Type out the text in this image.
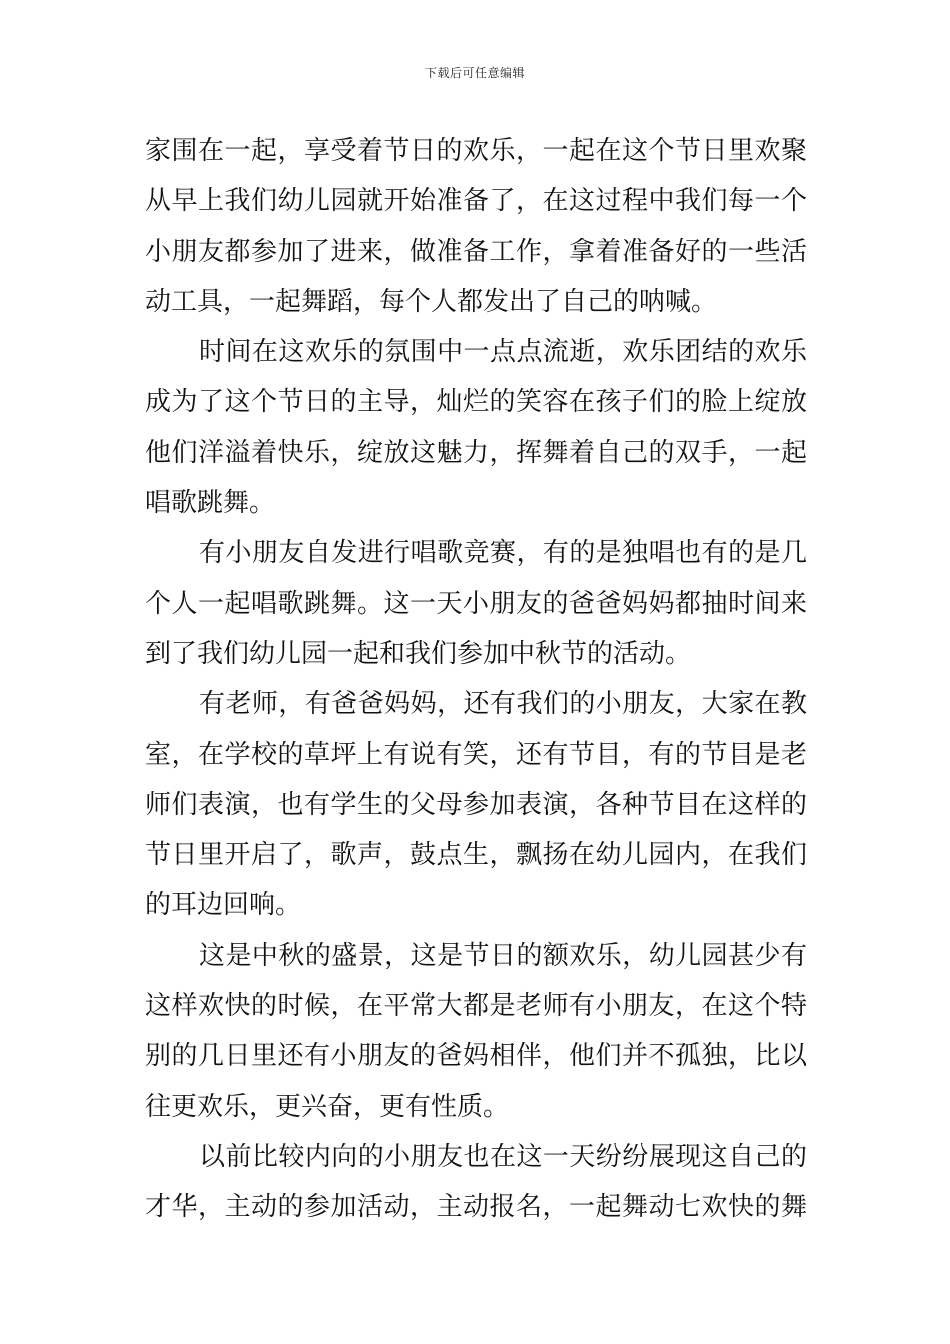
下载后可任意编辑
家围在一起，享受着节日的欢乐，一起在这个节日里欢聚
从早上我们幼儿园就开始准备了，在这过程中我们每一个
小朋友都参加了进来，做准备工作，拿着准备好的一些活
动工具，一起舞蹈，每个人都发出了自己的呐喊。
时间在这欢乐的氛围中一点点流逝，欢乐团结的欢乐
成为了这个节日的主导，灿烂的笑容在孩子们的脸上绽放
他们洋溢着快乐，绽放这魅力，挥舞着自己的双手，一起
唱歌跳舞。
有小朋友自发进行唱歌竞赛，有的是独唱也有的是几
个人一起唱歌跳舞。这一天小朋友的爸爸妈妈都抽时间来
到了我们幼儿园一起和我们参加中秋节的活动。
有老师，有爸爸妈妈，还有我们的小朋友，大家在教
室，在学校的草坪上有说有笑，还有节目，有的节目是老
师们表演，也有学生的父母参加表演，各种节目在这样的
节日里开启了，歌声，鼓点生，飘扬在幼儿园内，在我们
的耳边回响。
这是中秋的盛景，这是节日的额欢乐，幼儿园甚少有
这样欢快的时候，在平常大都是老师有小朋友，在这个特
别的几日里还有小朋友的爸妈相伴，他们并不孤独，比以
往更欢乐，更兴奋，更有性质。
以前比较内向的小朋友也在这一天纷纷展现这自己的
才华，主动的参加活动，主动报名，一起舞动七欢快的舞
